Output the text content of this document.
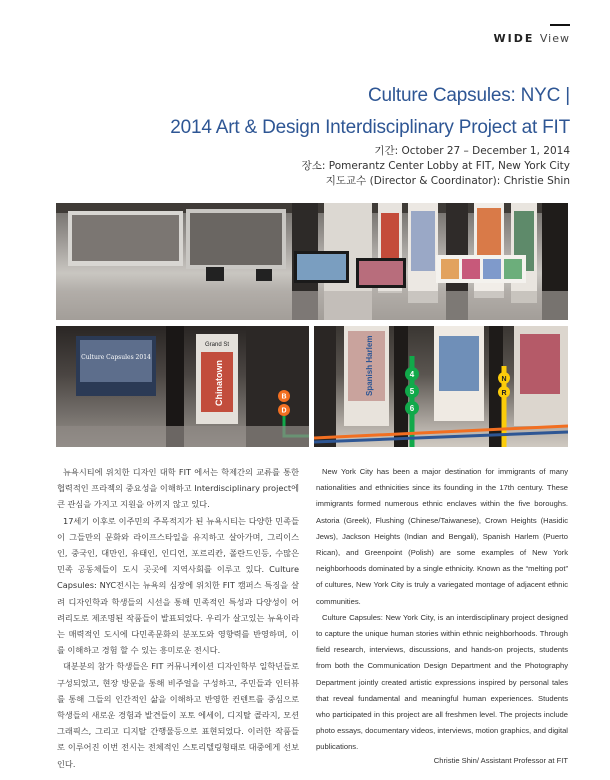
WIDE View
Culture Capsules: NYC |
2014 Art & Design Interdisciplinary Project at FIT
기간: October 27 – December 1, 2014
장소: Pomerantz Center Lobby at FIT, New York City
지도교수 (Director & Coordinator): Christie Shin
Culture Capsules 2014
Grand St
Chinatown	B
D
Spanish Harlem	4
5
6
N
R

뉴욕시티에 위치한 디자인 대학 FIT 에서는 학제간의 교류를 통한 협력적인 프라젝의 중요성을 이해하고 Interdisciplinary project에 큰 관심을 가지고 지원을 아끼지 않고 있다.

17세기 이후로 이주민의 주목적지가 된 뉴욕시티는 다양한 민족들이 그들만의 문화와 라이프스타일을 유지하고 살아가며, 그리이스인, 중국인, 대만인, 유태인, 인디언, 포르리칸, 폴란드인등, 수많은 민족 공동체들이 도시 곳곳에 지역사회를 이루고 있다. Culture Capsules: NYC전시는 뉴욕의 심장에 위치한 FIT 캠퍼스 특징을 살려 디자인학과 학생들의 시선을 통해 민족적인 특성과 다양성이 어려리도로 제조명된 작품들이 발표되었다. 우리가 살고있는 뉴욕이라는 매력적인 도시에 다민족문화의 분포도와 영향력를 반영하며, 이를 이해하고 경험 할 수 있는 흥미로운 전시다.

대분분의 참가 학생들은 FIT 커뮤니케이션 디자인학부 일학년들로 구성되었고, 현장 방문을 통해 비주얼을 구성하고, 주민들과 인터뷰를 통해 그들의 인간적인 삶을 이해하고 반영한 컨텐트를 중심으로 학생들의 새로운 경험과 발견들이 포토 에세이, 디지탈 콜라지, 모션 그래픽스, 그리고 디지탈 간행물등으로 표현되었다. 이러한 작품들로 이루어진 이번 전시는 전체적인 스토리텔링형태로 대중에게 선보인다.

New York City has been a major destination for immigrants of many nationalities and ethnicities since its founding in the 17th century. These immigrants formed numerous ethnic enclaves within the five boroughs. Astoria (Greek), Flushing (Chinese/Taiwanese), Crown Heights (Hasidic Jews), Jackson Heights (Indian and Bengali), Spanish Harlem (Puerto Rican), and Greenpoint (Polish) are some examples of New York neighborhoods dominated by a single ethnicity. Known as the “melting pot” of cultures, New York City is truly a variegated montage of adjacent ethnic communities.

Culture Capsules: New York City, is an interdisciplinary project designed to capture the unique human stories within ethnic neighborhoods. Through field research, interviews, discussions, and hands-on projects, students from both the Communication Design Department and the Photography Department jointly created artistic expressions inspired by personal tales that reveal fundamental and meaningful human experiences. Students who participated in this project are all freshmen level. The projects include photo essays, documentary videos, interviews, motion graphics, and digital publications.

Christie Shin/ Assistant Professor at FIT
